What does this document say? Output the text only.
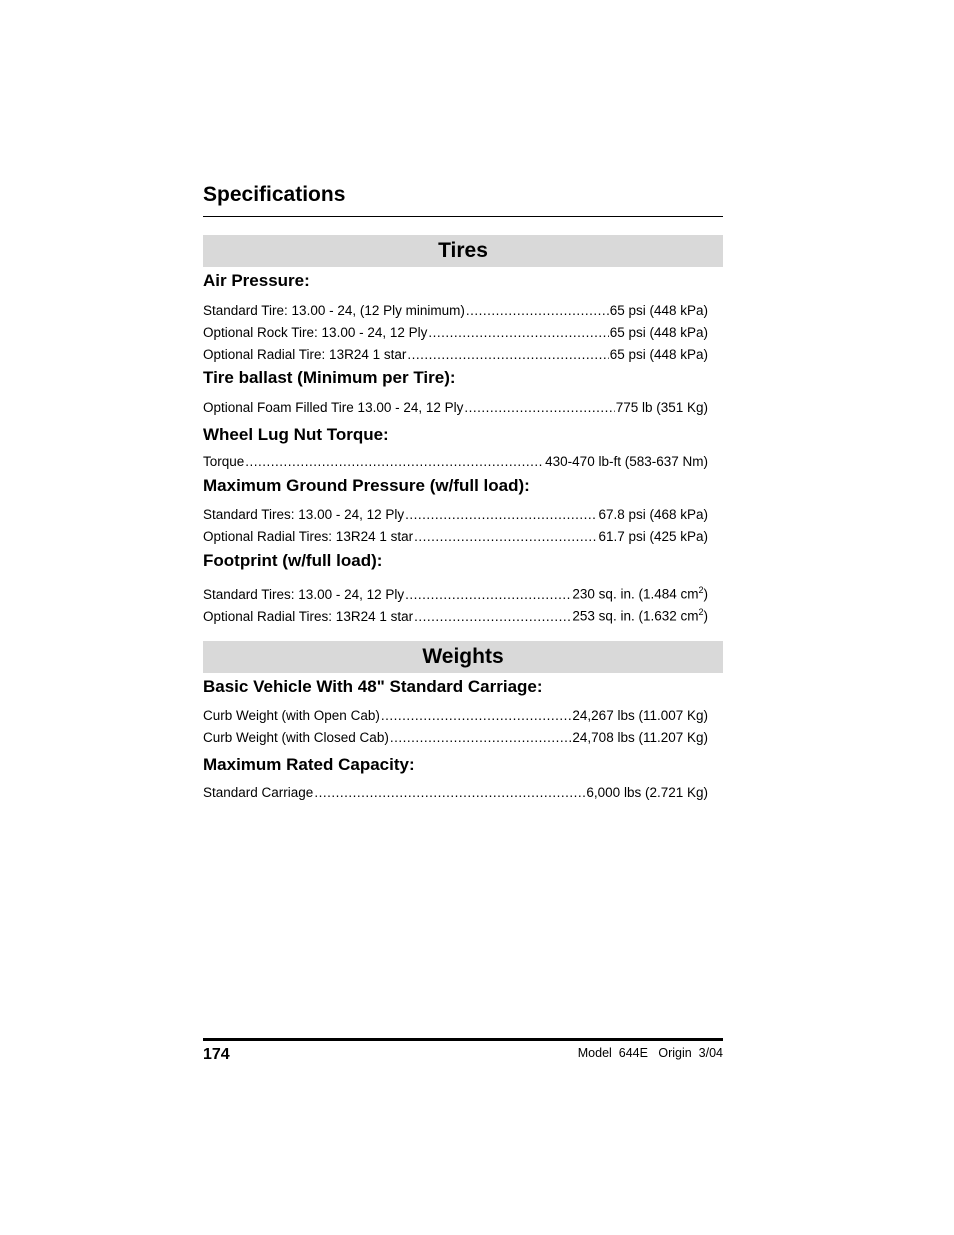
Specifications
Tires
Air Pressure:
Standard Tire: 13.00 - 24, (12 Ply minimum) .....	65 psi (448 kPa)
Optional Rock Tire: 13.00 - 24, 12 Ply .....	65 psi (448 kPa)
Optional Radial Tire: 13R24 1 star .....	65 psi (448 kPa)
Tire ballast (Minimum per Tire):
Optional Foam Filled Tire 13.00 - 24, 12 Ply .....	775 lb (351 Kg)
Wheel Lug Nut Torque:
Torque .....	430-470 lb-ft (583-637 Nm)
Maximum Ground Pressure (w/full load):
Standard Tires: 13.00 - 24, 12 Ply .....	67.8 psi (468 kPa)
Optional Radial Tires: 13R24 1 star .....	61.7 psi (425 kPa)
Footprint (w/full load):
Standard Tires: 13.00 - 24, 12 Ply .....	230 sq. in. (1.484 $cm^2$)
Optional Radial Tires: 13R24 1 star .....	253 sq. in. (1.632 $cm^2$)
Weights
Basic Vehicle With 48" Standard Carriage:
Curb Weight (with Open Cab) .....	24,267 lbs (11.007 Kg)
Curb Weight (with Closed Cab) .....	24,708 lbs (11.207 Kg)
Maximum Rated Capacity:
Standard Carriage .....	6,000 lbs (2.721 Kg)
174	Model  644E   Origin  3/04
